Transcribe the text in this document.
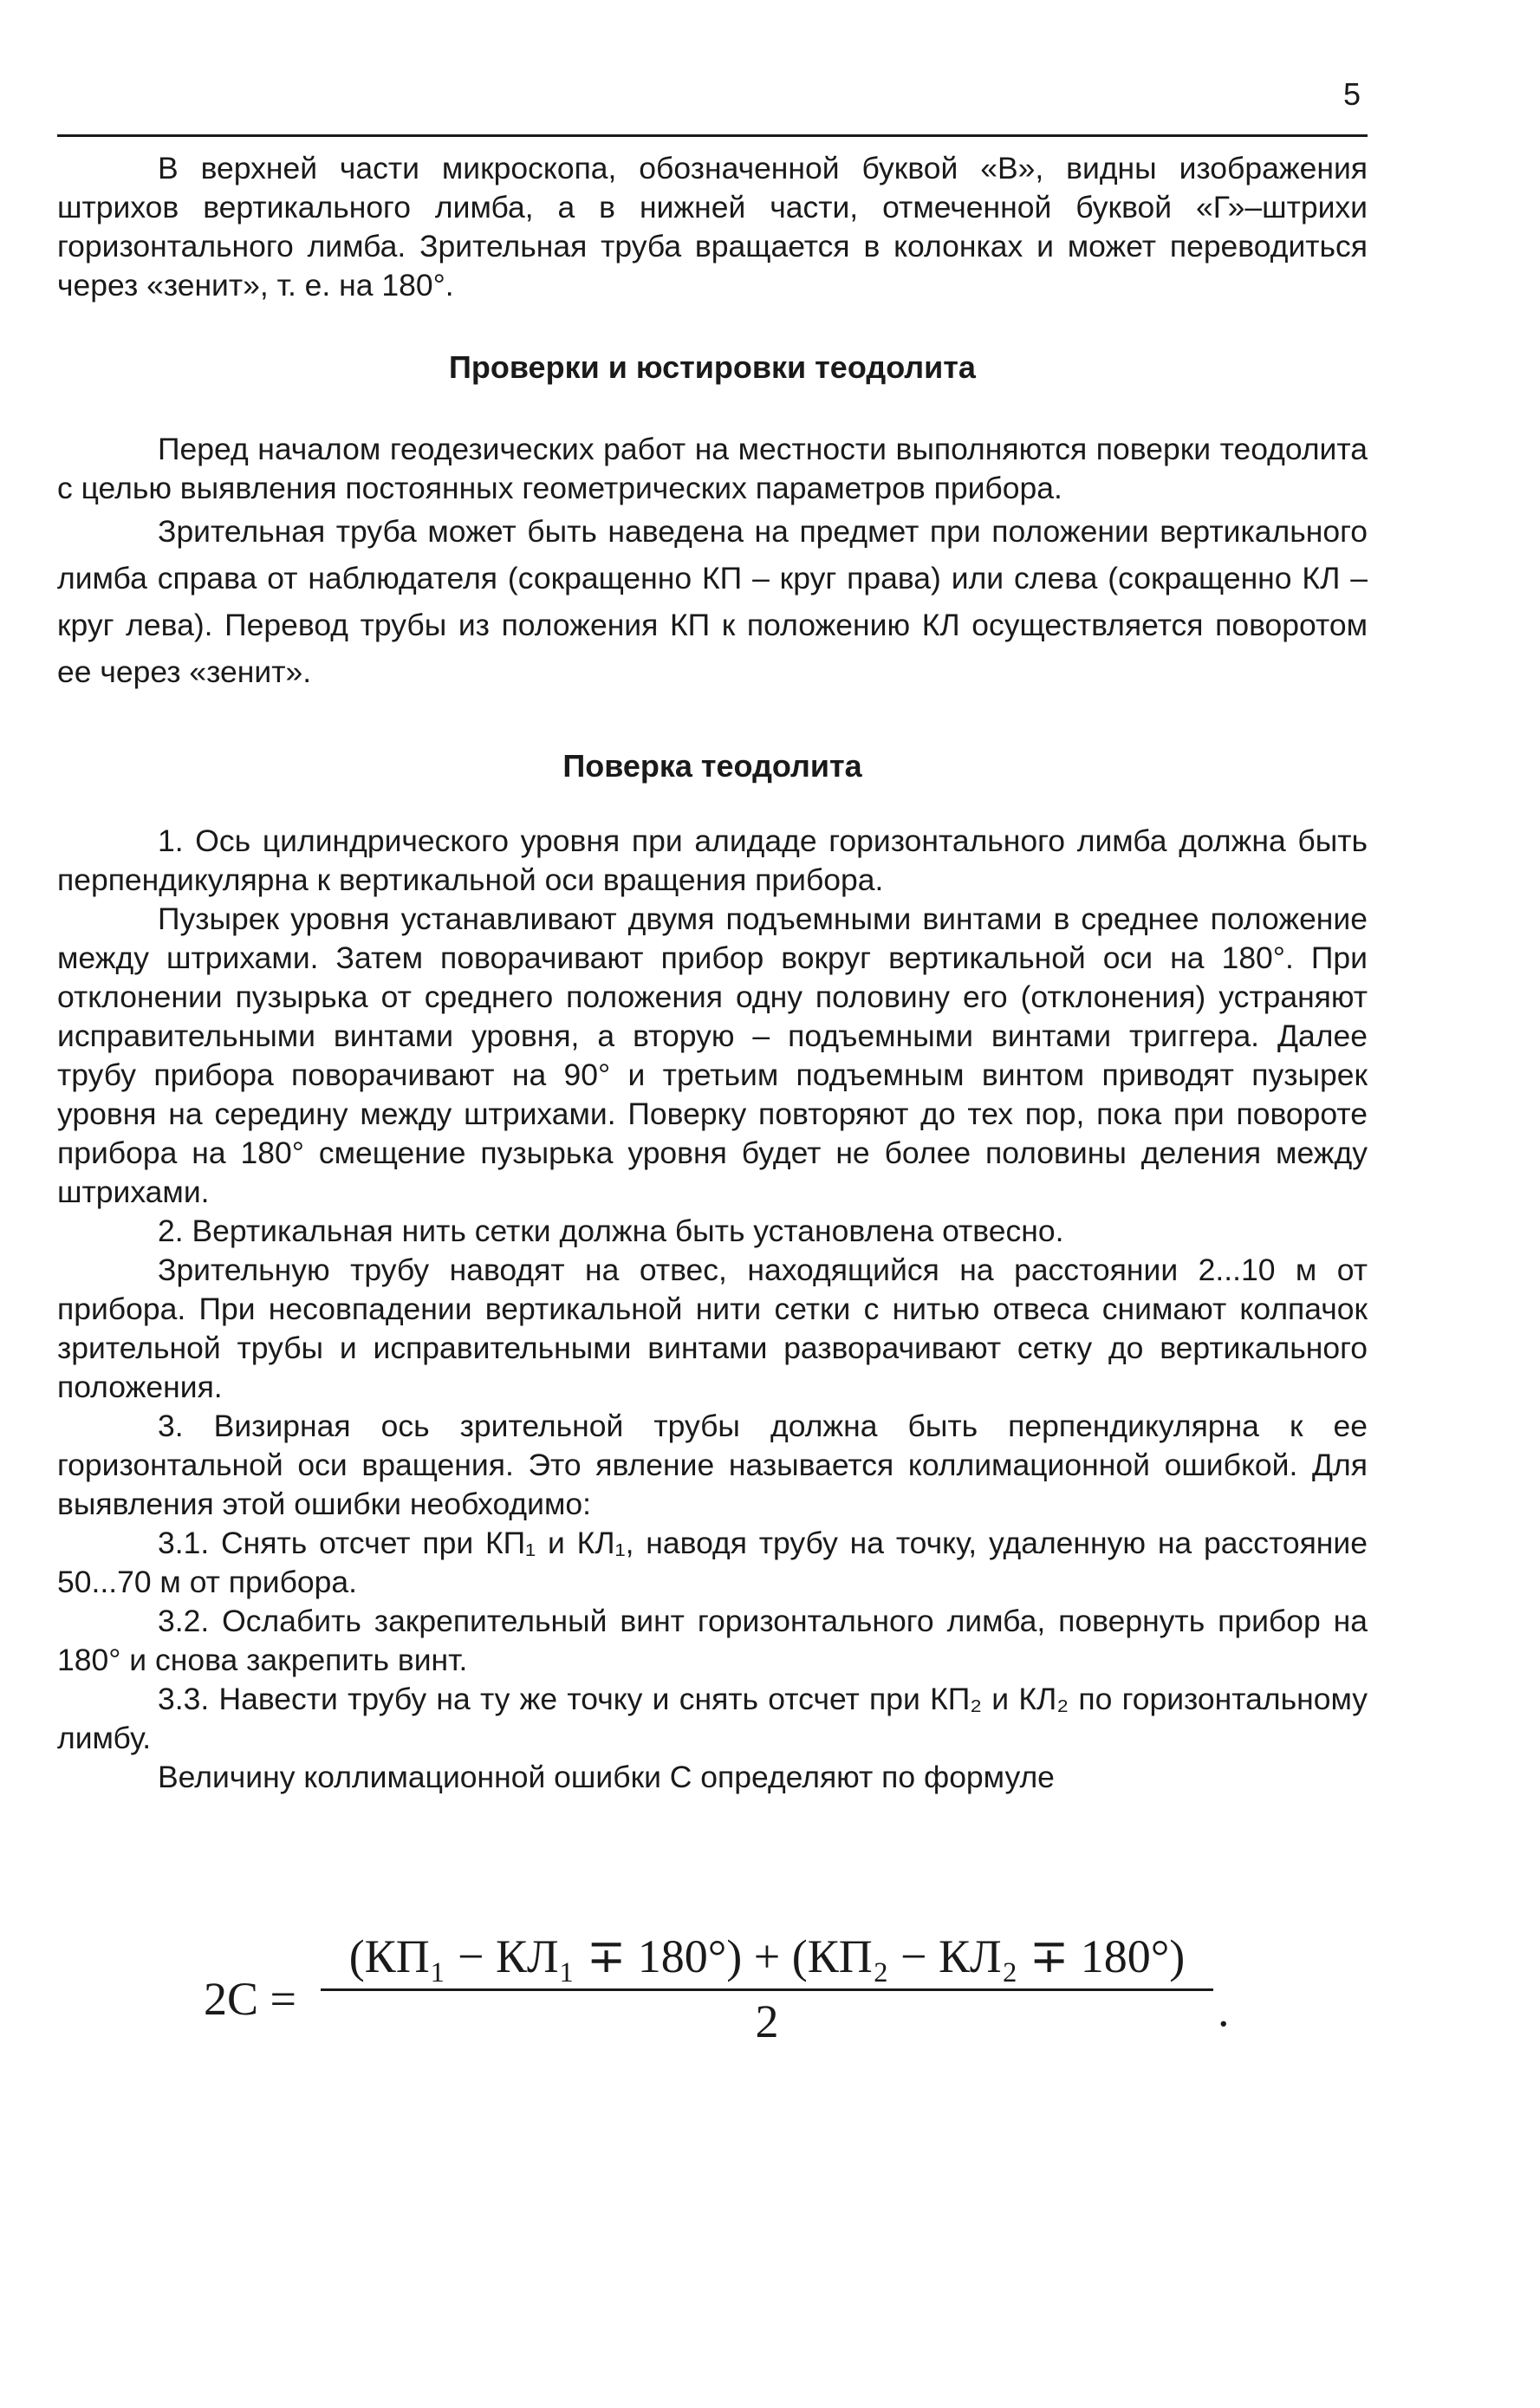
5

В верхней части микроскопа, обозначенной буквой «В», видны изображения штрихов вертикального лимба, а в нижней части, отмеченной буквой «Г»–штрихи горизонтального лимба. Зрительная труба вращается в колонках и может переводиться через «зенит», т. е. на 180°.

Проверки и юстировки теодолита

Перед началом геодезических работ на местности выполняются поверки теодолита с целью выявления постоянных геометрических параметров прибора.

Зрительная труба может быть наведена на предмет при положении вертикального лимба справа от наблюдателя (сокращенно КП – круг права) или слева (сокращенно КЛ – круг лева). Перевод трубы из положения КП к положению КЛ осуществляется поворотом ее через «зенит».

Поверка теодолита

1. Ось цилиндрического уровня при алидаде горизонтального лимба должна быть перпендикулярна к вертикальной оси вращения прибора.

Пузырек уровня устанавливают двумя подъемными винтами в среднее положение между штрихами. Затем поворачивают прибор вокруг вертикальной оси на 180°. При отклонении пузырька от среднего положения одну половину его (отклонения) устраняют исправительными винтами уровня, а вторую – подъемными винтами триггера. Далее трубу прибора поворачивают на 90° и третьим подъемным винтом приводят пузырек уровня на середину между штрихами. Поверку повторяют до тех пор, пока при повороте прибора на 180° смещение пузырька уровня будет не более половины деления между штрихами.

2. Вертикальная нить сетки должна быть установлена отвесно.

Зрительную трубу наводят на отвес, находящийся на расстоянии 2...10 м от прибора. При несовпадении вертикальной нити сетки с нитью отвеса снимают колпачок зрительной трубы и исправительными винтами разворачивают сетку до вертикального положения.

3. Визирная ось зрительной трубы должна быть перпендикулярна к ее горизонтальной оси вращения. Это явление называется коллимационной ошибкой. Для выявления этой ошибки необходимо:

3.1. Снять отсчет при КП₁ и КЛ₁, наводя трубу на точку, удаленную на расстояние 50...70 м от прибора.

3.2. Ослабить закрепительный винт горизонтального лимба, повернуть прибор на 180° и снова закрепить винт.

3.3. Навести трубу на ту же точку и снять отсчет при КП₂ и КЛ₂ по горизонтальному лимбу.

Величину коллимационной ошибки С определяют по формуле

2C =
(КП₁ − КЛ₁ ∓ 180°) + (КП₂ − КЛ₂ ∓ 180°)
2	.
